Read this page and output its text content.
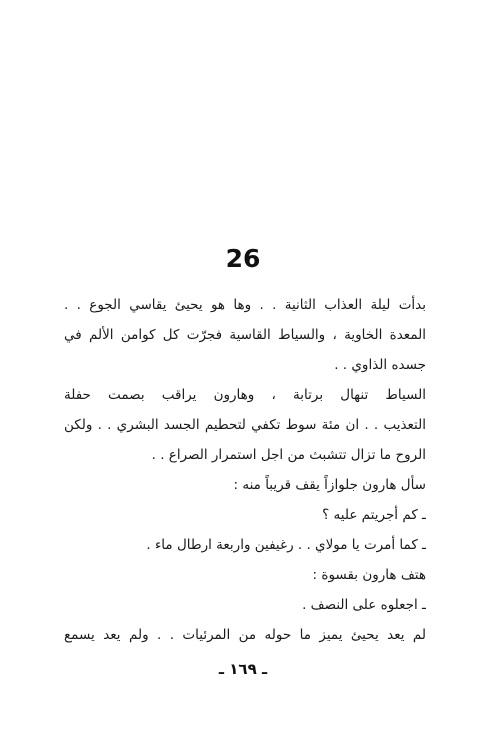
26
بدأت ليلة العذاب الثانية . . وها هو يحيئ يقاسي الجوع . .
المعدة الخاوية ، والسياط القاسية فجرّت كل كوامن الألم في
جسده الذاوي . .
السياط تنهال برتابة ، وهارون يراقب بصمت حفلة
التعذيب . . ان مئة سوط تكفي لتحطيم الجسد البشري . . ولكن
الروح ما تزال تتشبث من اجل استمرار الصراع . .
سأل هارون جلوازاً يقف قريباً منه :
ـ كم أجريتم عليه ؟
ـ كما أمرت يا مولاي . . رغيفين واربعة ارطال ماء .
هتف هارون بقسوة :
ـ اجعلوه على النصف .
لم يعد يحيئ يميز ما حوله من المرئيات . . ولم يعد يسمع
ـ ١٦٩ ـ
